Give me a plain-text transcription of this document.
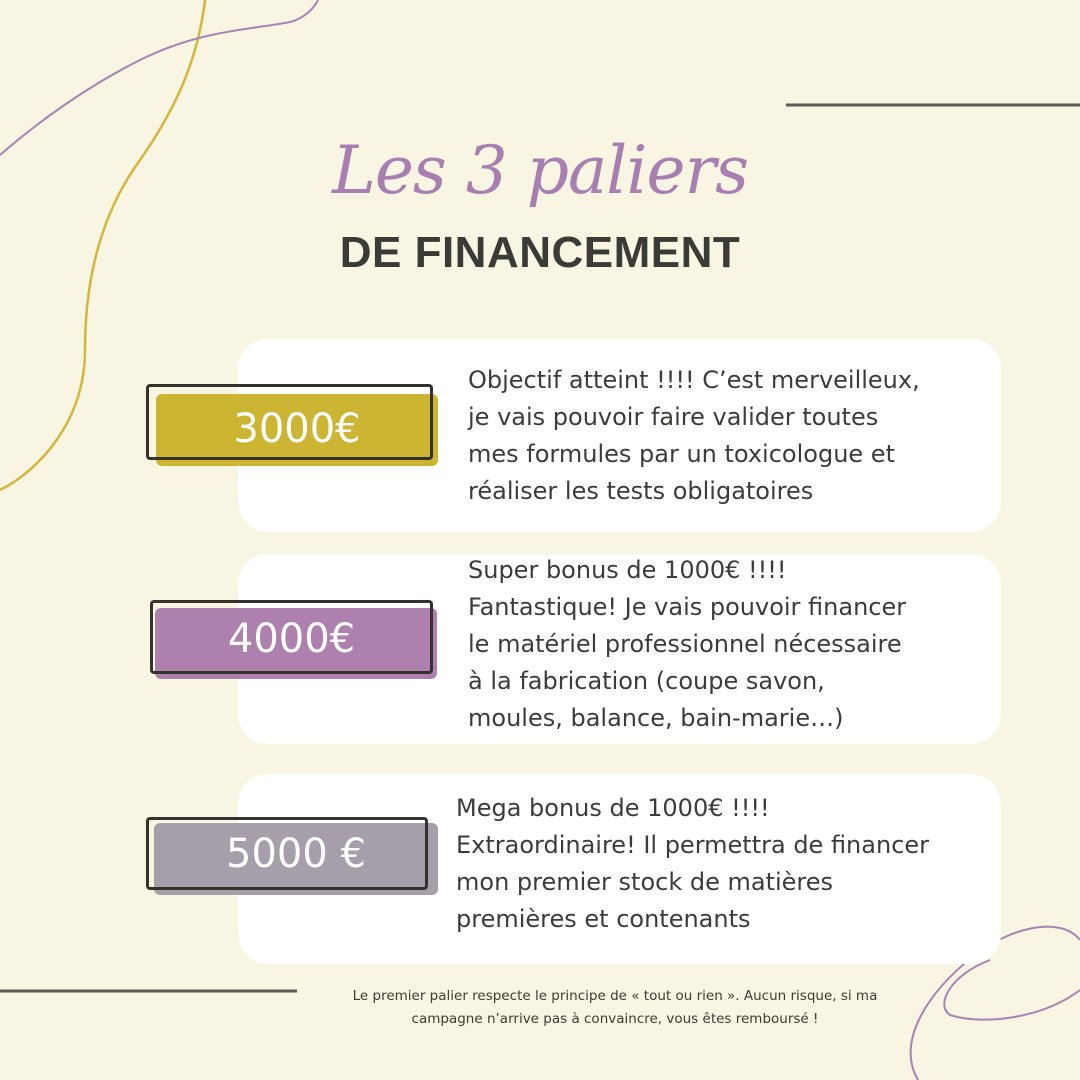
Les 3 paliers
DE FINANCEMENT
3000€
4000€
5000 €
Objectif atteint !!!! C’est merveilleux,
je vais pouvoir faire valider toutes
mes formules par un toxicologue et
réaliser les tests obligatoires
Super bonus de 1000€ !!!!
Fantastique! Je vais pouvoir financer
le matériel professionnel nécessaire
à la fabrication (coupe savon,
moules, balance, bain-marie…)
Mega bonus de 1000€ !!!!
Extraordinaire! Il permettra de financer
mon premier stock de matières
premières et contenants
Le premier palier respecte le principe de « tout ou rien ». Aucun risque, si ma
campagne n’arrive pas à convaincre, vous êtes remboursé !
